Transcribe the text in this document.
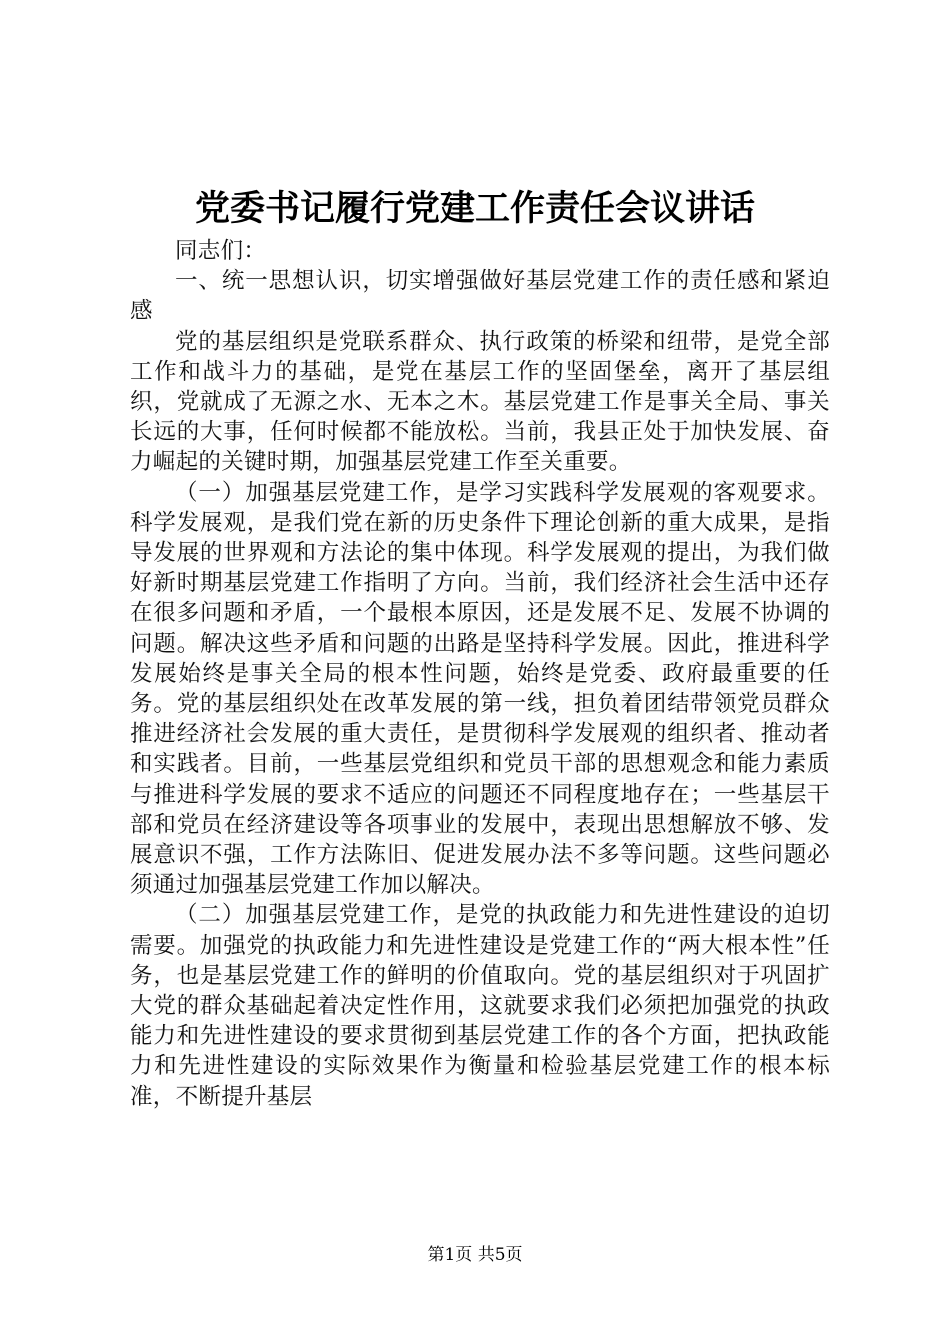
党委书记履行党建工作责任会议讲话

同志们：

一、统一思想认识，切实增强做好基层党建工作的责任感和紧迫感

党的基层组织是党联系群众、执行政策的桥梁和纽带，是党全部工作和战斗力的基础，是党在基层工作的坚固堡垒，离开了基层组织，党就成了无源之水、无本之木。基层党建工作是事关全局、事关长远的大事，任何时候都不能放松。当前，我县正处于加快发展、奋力崛起的关键时期，加强基层党建工作至关重要。

（一）加强基层党建工作，是学习实践科学发展观的客观要求。科学发展观，是我们党在新的历史条件下理论创新的重大成果，是指导发展的世界观和方法论的集中体现。科学发展观的提出，为我们做好新时期基层党建工作指明了方向。当前，我们经济社会生活中还存在很多问题和矛盾，一个最根本原因，还是发展不足、发展不协调的问题。解决这些矛盾和问题的出路是坚持科学发展。因此，推进科学发展始终是事关全局的根本性问题，始终是党委、政府最重要的任务。党的基层组织处在改革发展的第一线，担负着团结带领党员群众推进经济社会发展的重大责任，是贯彻科学发展观的组织者、推动者和实践者。目前，一些基层党组织和党员干部的思想观念和能力素质与推进科学发展的要求不适应的问题还不同程度地存在；一些基层干部和党员在经济建设等各项事业的发展中，表现出思想解放不够、发展意识不强，工作方法陈旧、促进发展办法不多等问题。这些问题必须通过加强基层党建工作加以解决。

（二）加强基层党建工作，是党的执政能力和先进性建设的迫切需要。加强党的执政能力和先进性建设是党建工作的“两大根本性”任务，也是基层党建工作的鲜明的价值取向。党的基层组织对于巩固扩大党的群众基础起着决定性作用，这就要求我们必须把加强党的执政能力和先进性建设的要求贯彻到基层党建工作的各个方面，把执政能力和先进性建设的实际效果作为衡量和检验基层党建工作的根本标准，不断提升基层

第1页 共5页
